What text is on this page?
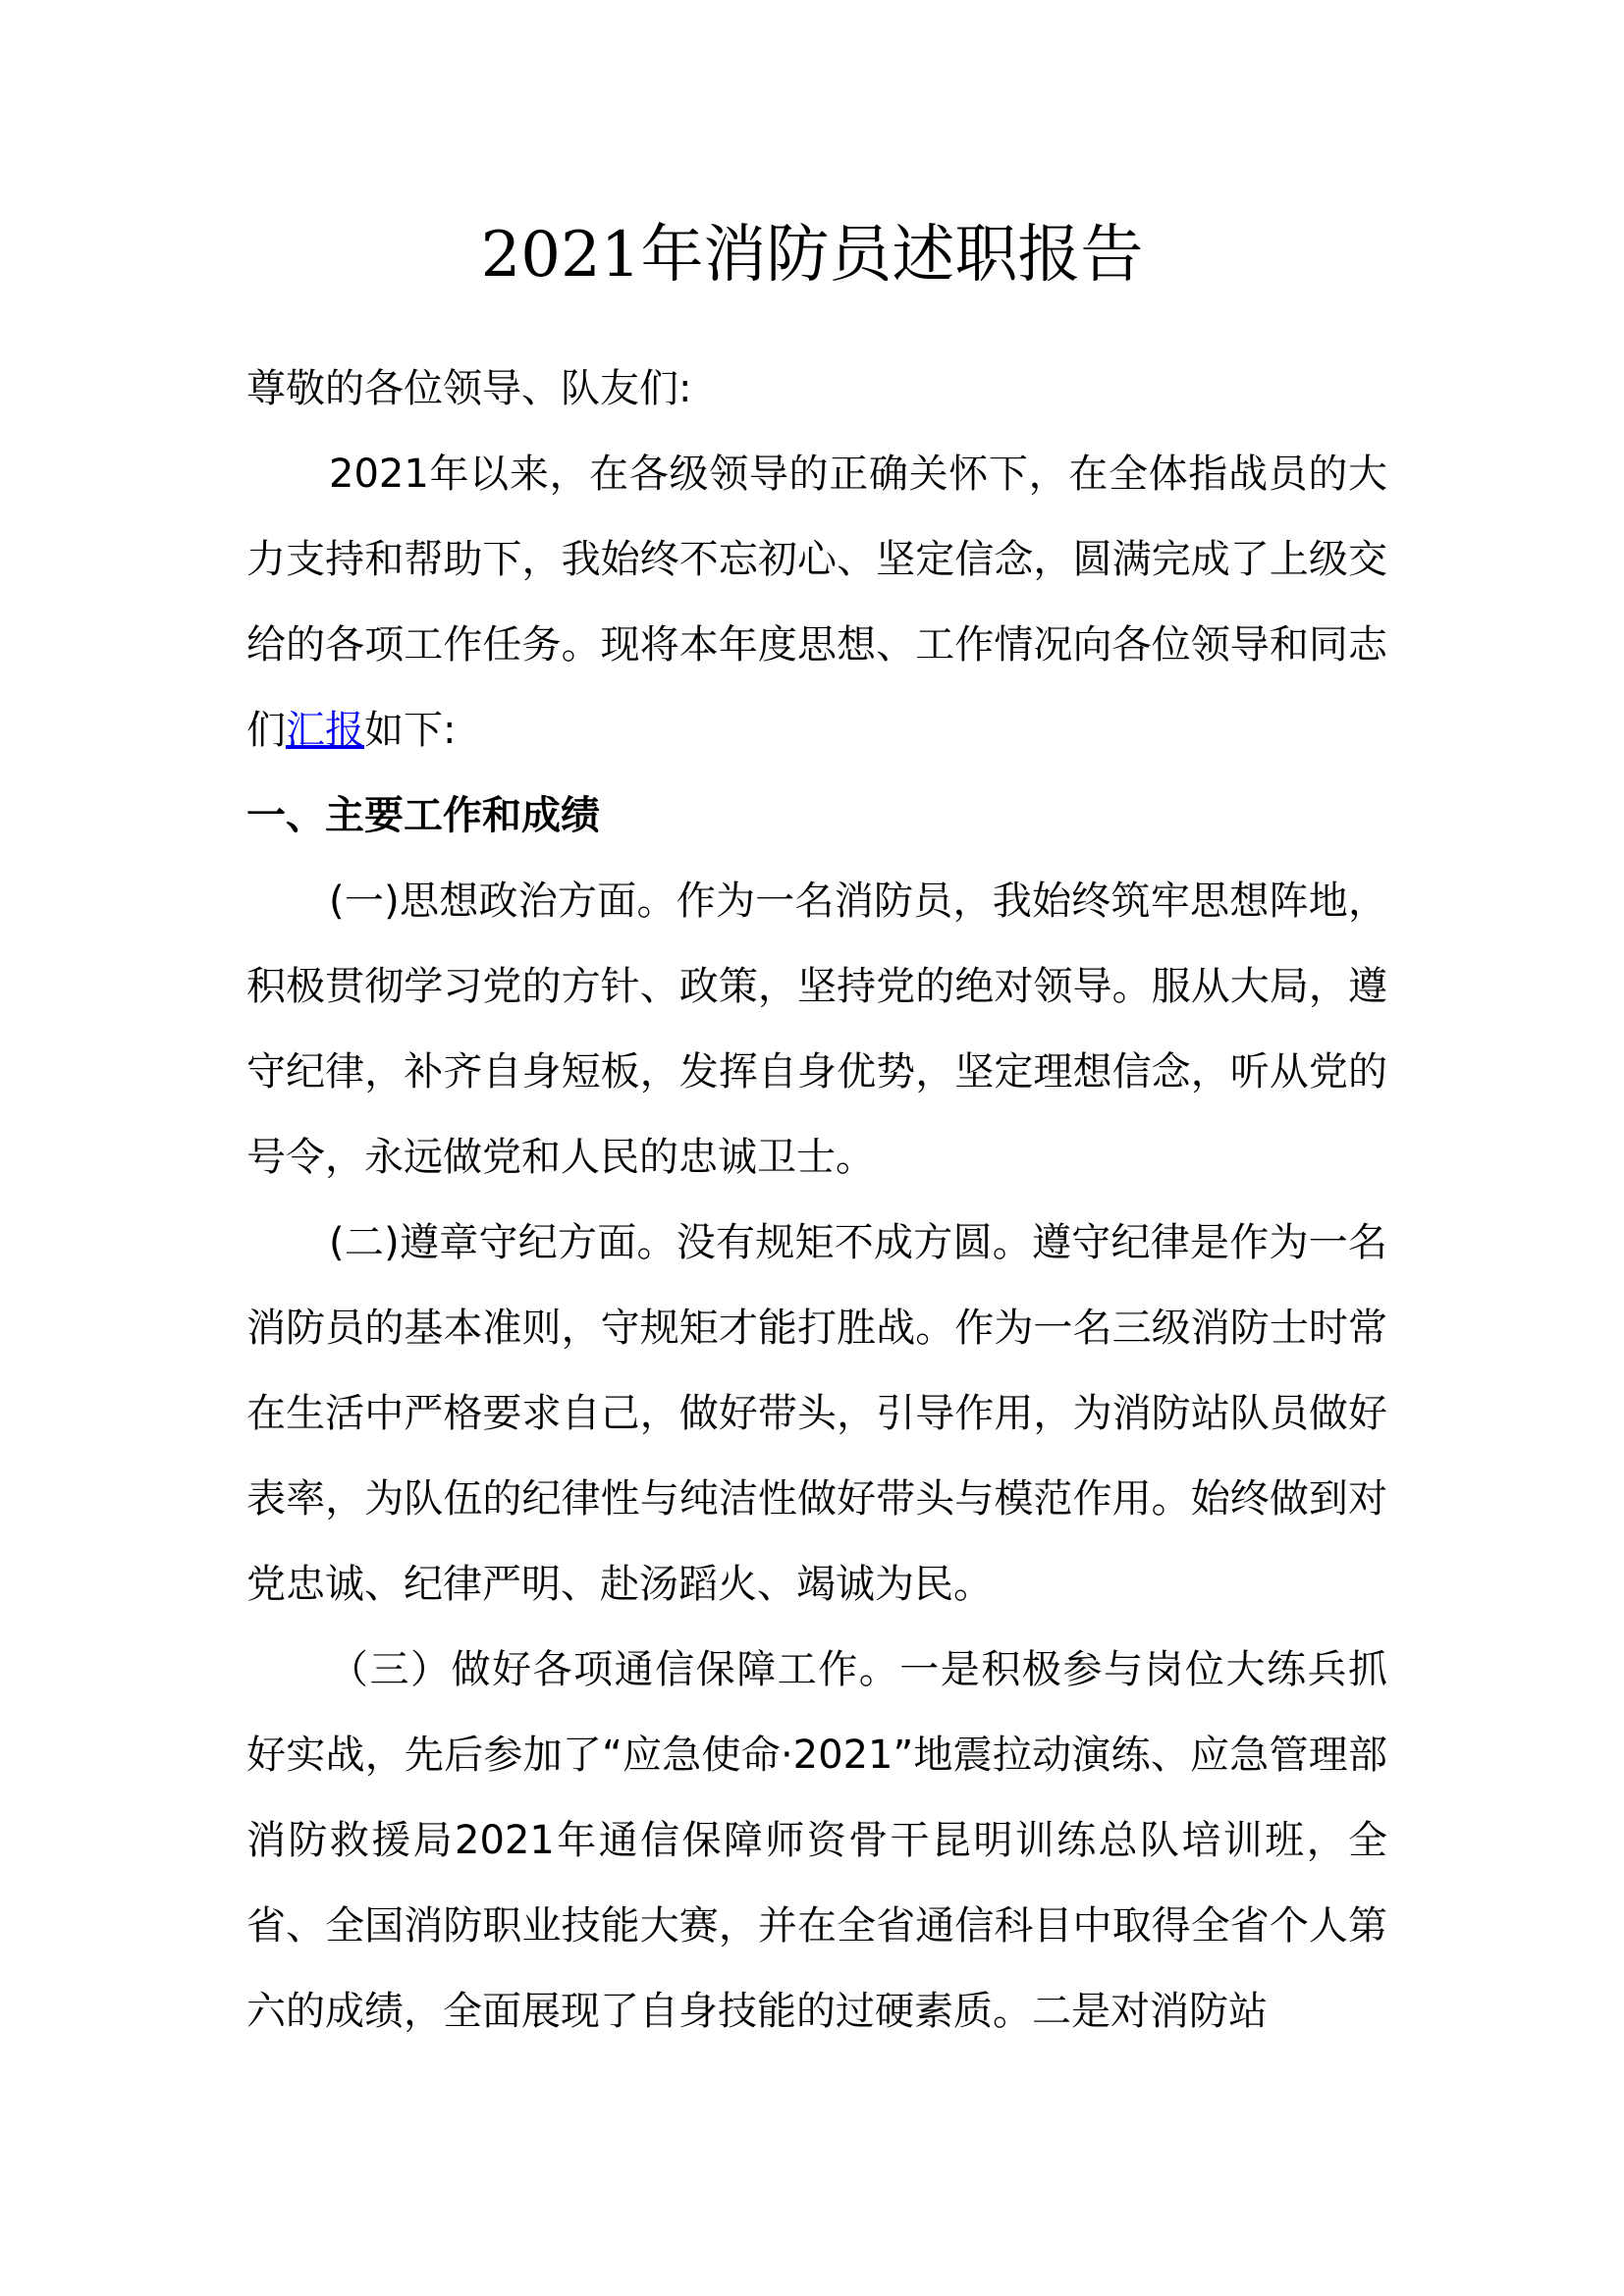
2021年消防员述职报告

尊敬的各位领导、队友们:

2021年以来，在各级领导的正确关怀下，在全体指战员的大力支持和帮助下，我始终不忘初心、坚定信念，圆满完成了上级交给的各项工作任务。现将本年度思想、工作情况向各位领导和同志们汇报如下:

一、主要工作和成绩

(一)思想政治方面。作为一名消防员，我始终筑牢思想阵地，积极贯彻学习党的方针、政策，坚持党的绝对领导。服从大局，遵守纪律，补齐自身短板，发挥自身优势，坚定理想信念，听从党的号令，永远做党和人民的忠诚卫士。

(二)遵章守纪方面。没有规矩不成方圆。遵守纪律是作为一名消防员的基本准则，守规矩才能打胜战。作为一名三级消防士时常在生活中严格要求自己，做好带头，引导作用，为消防站队员做好表率，为队伍的纪律性与纯洁性做好带头与模范作用。始终做到对党忠诚、纪律严明、赴汤蹈火、竭诚为民。

（三）做好各项通信保障工作。一是积极参与岗位大练兵抓好实战，先后参加了“应急使命·2021”地震拉动演练、应急管理部消防救援局2021年通信保障师资骨干昆明训练总队培训班，全省、全国消防职业技能大赛，并在全省通信科目中取得全省个人第六的成绩，全面展现了自身技能的过硬素质。二是对消防站
